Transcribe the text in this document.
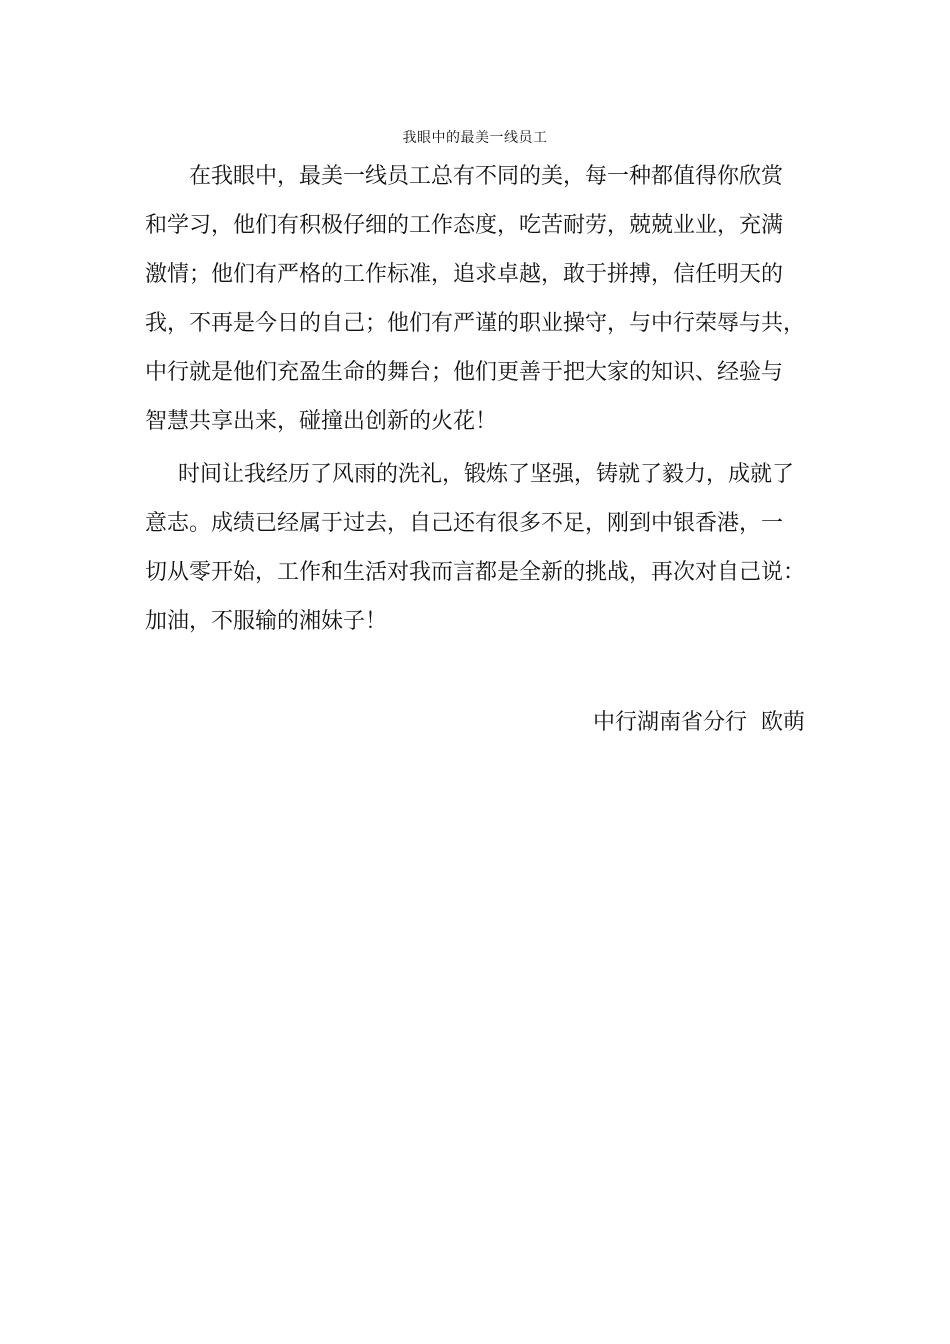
我眼中的最美一线员工

在我眼中，最美一线员工总有不同的美，每一种都值得你欣赏
和学习，他们有积极仔细的工作态度，吃苦耐劳，兢兢业业，充满
激情；他们有严格的工作标准，追求卓越，敢于拼搏，信任明天的
我，不再是今日的自己；他们有严谨的职业操守，与中行荣辱与共，
中行就是他们充盈生命的舞台；他们更善于把大家的知识、经验与
智慧共享出来，碰撞出创新的火花！

时间让我经历了风雨的洗礼，锻炼了坚强，铸就了毅力，成就了
意志。成绩已经属于过去，自己还有很多不足，刚到中银香港，一
切从零开始，工作和生活对我而言都是全新的挑战，再次对自己说：
加油，不服输的湘妹子！

中行湖南省分行  欧萌
